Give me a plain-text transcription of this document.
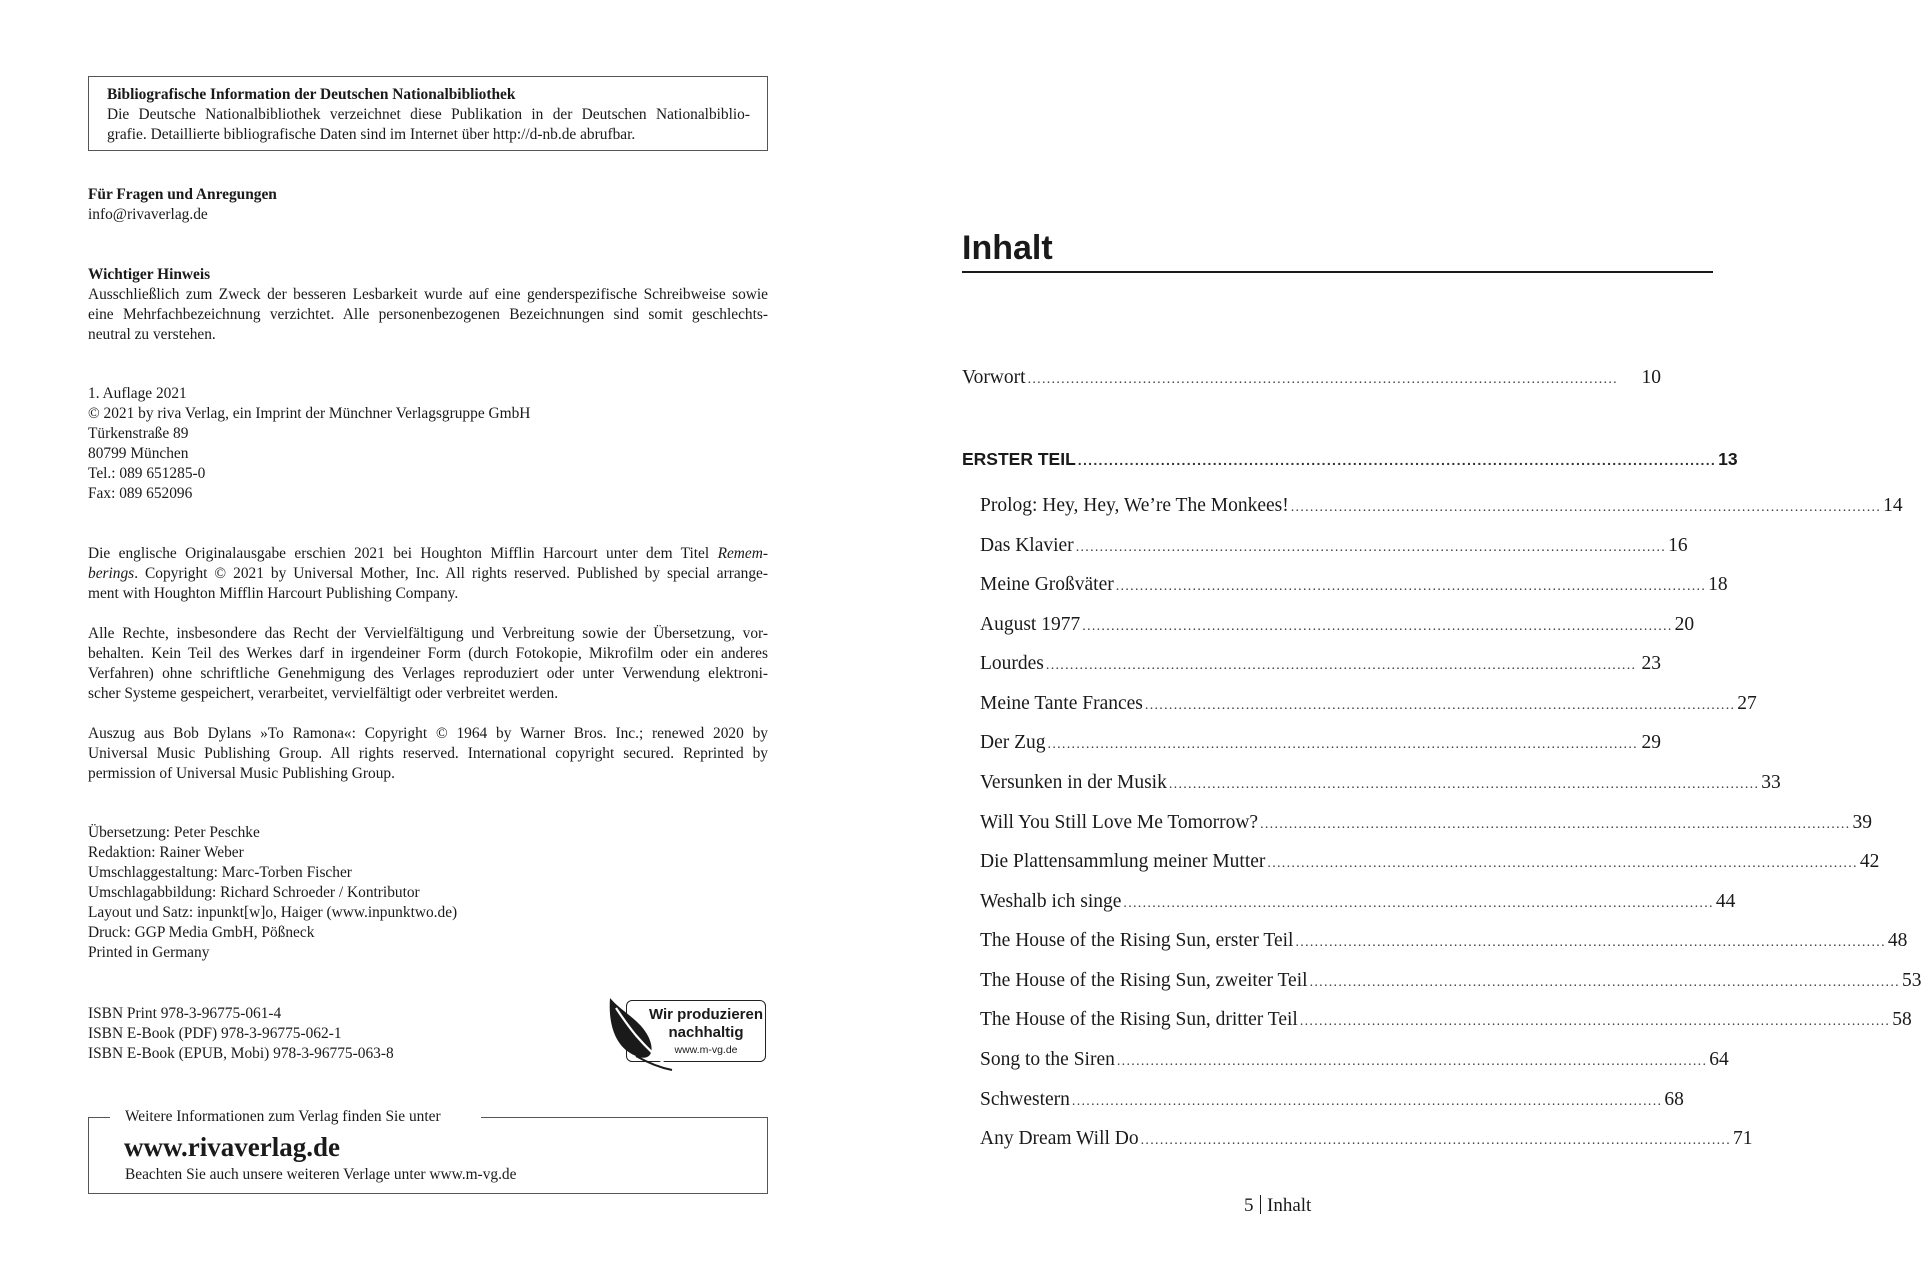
Bibliografische Information der Deutschen Nationalbibliothek
Die Deutsche Nationalbibliothek verzeichnet diese Publikation in der Deutschen Nationalbiblio-
grafie. Detaillierte bibliografische Daten sind im Internet über http://d-nb.de abrufbar.
Für Fragen und Anregungen
info@rivaverlag.de
Wichtiger Hinweis
Ausschließlich zum Zweck der besseren Lesbarkeit wurde auf eine genderspezifische Schreibweise sowie
eine Mehrfachbezeichnung verzichtet. Alle personenbezogenen Bezeichnungen sind somit geschlechts-
neutral zu verstehen.
1. Auflage 2021
© 2021 by riva Verlag, ein Imprint der Münchner Verlagsgruppe GmbH
Türkenstraße 89
80799 München
Tel.: 089 651285-0
Fax: 089 652096
Die englische Originalausgabe erschien 2021 bei Houghton Mifflin Harcourt unter dem Titel Remem-
berings. Copyright © 2021 by Universal Mother, Inc. All rights reserved. Published by special arrange-
ment with Houghton Mifflin Harcourt Publishing Company.
Alle Rechte, insbesondere das Recht der Vervielfältigung und Verbreitung sowie der Übersetzung, vor-
behalten. Kein Teil des Werkes darf in irgendeiner Form (durch Fotokopie, Mikrofilm oder ein anderes
Verfahren) ohne schriftliche Genehmigung des Verlages reproduziert oder unter Verwendung elektroni-
scher Systeme gespeichert, verarbeitet, vervielfältigt oder verbreitet werden.
Auszug aus Bob Dylans »To Ramona«: Copyright © 1964 by Warner Bros. Inc.; renewed 2020 by
Universal Music Publishing Group. All rights reserved. International copyright secured. Reprinted by
permission of Universal Music Publishing Group.
Übersetzung: Peter Peschke
Redaktion: Rainer Weber
Umschlaggestaltung: Marc-Torben Fischer
Umschlagabbildung: Richard Schroeder / Kontributor
Layout und Satz: inpunkt[w]o, Haiger (www.inpunktwo.de)
Druck: GGP Media GmbH, Pößneck
Printed in Germany
ISBN Print 978-3-96775-061-4
ISBN E-Book (PDF) 978-3-96775-062-1
ISBN E-Book (EPUB, Mobi) 978-3-96775-063-8
Wir produzieren
nachhaltig
www.m-vg.de
Weitere Informationen zum Verlag finden Sie unter
www.rivaverlag.de
Beachten Sie auch unsere weiteren Verlage unter www.m-vg.de
Inhalt
Vorwort ...........................................................................................................................	10
ERSTER TEIL ........................................................................................................................... 13
Prolog: Hey, Hey, We’re The Monkees! ........................................................................................................................... 14
Das Klavier ........................................................................................................................... 16
Meine Großväter ........................................................................................................................... 18
August 1977 ........................................................................................................................... 20
Lourdes ........................................................................................................................... 23
Meine Tante Frances ........................................................................................................................... 27
Der Zug ........................................................................................................................... 29
Versunken in der Musik ........................................................................................................................... 33
Will You Still Love Me Tomorrow? ........................................................................................................................... 39
Die Plattensammlung meiner Mutter ........................................................................................................................... 42
Weshalb ich singe ........................................................................................................................... 44
The House of the Rising Sun, erster Teil ........................................................................................................................... 48
The House of the Rising Sun, zweiter Teil ........................................................................................................................... 53
The House of the Rising Sun, dritter Teil ........................................................................................................................... 58
Song to the Siren ........................................................................................................................... 64
Schwestern ........................................................................................................................... 68
Any Dream Will Do ........................................................................................................................... 71
5 Inhalt
